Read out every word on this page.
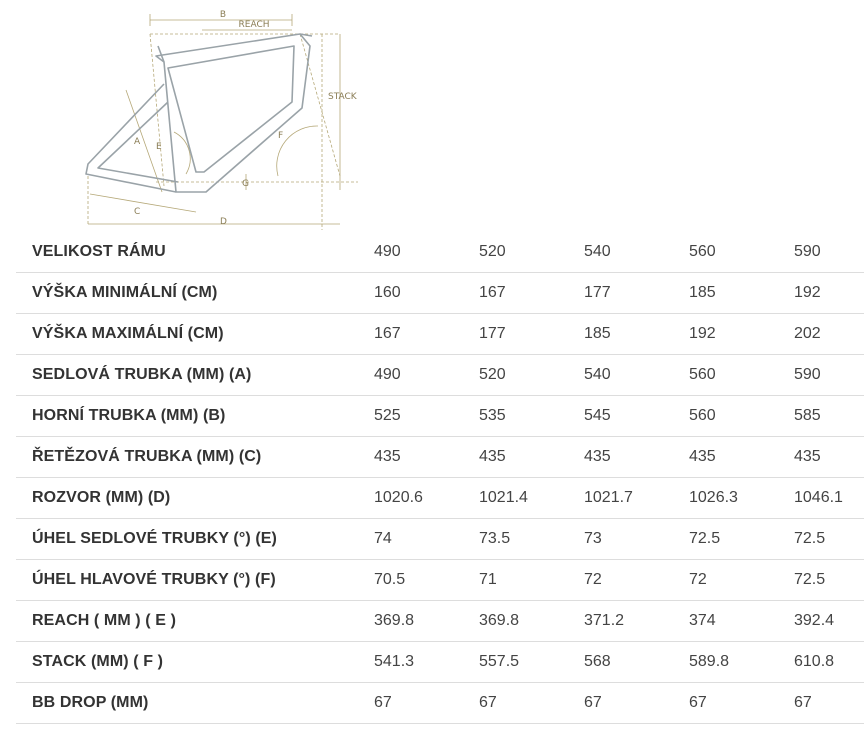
B
REACH
STACK
A E
F
G
C
D
VELIKOST RÁMU	490	520	540	560	590
VÝŠKA MINIMÁLNÍ (CM)	160	167	177	185	192
VÝŠKA MAXIMÁLNÍ (CM)	167	177	185	192	202
SEDLOVÁ TRUBKA (MM) (A)	490	520	540	560	590
HORNÍ TRUBKA (MM) (B)	525	535	545	560	585
ŘETĚZOVÁ TRUBKA (MM) (C)	435	435	435	435	435
ROZVOR (MM) (D)	1020.6	1021.4	1021.7	1026.3	1046.1
ÚHEL SEDLOVÉ TRUBKY (°) (E)	74	73.5	73	72.5	72.5
ÚHEL HLAVOVÉ TRUBKY (°) (F)	70.5	71	72	72	72.5
REACH ( MM ) ( E )	369.8	369.8	371.2	374	392.4
STACK (MM) ( F )	541.3	557.5	568	589.8	610.8
BB DROP (MM)	67	67	67	67	67
